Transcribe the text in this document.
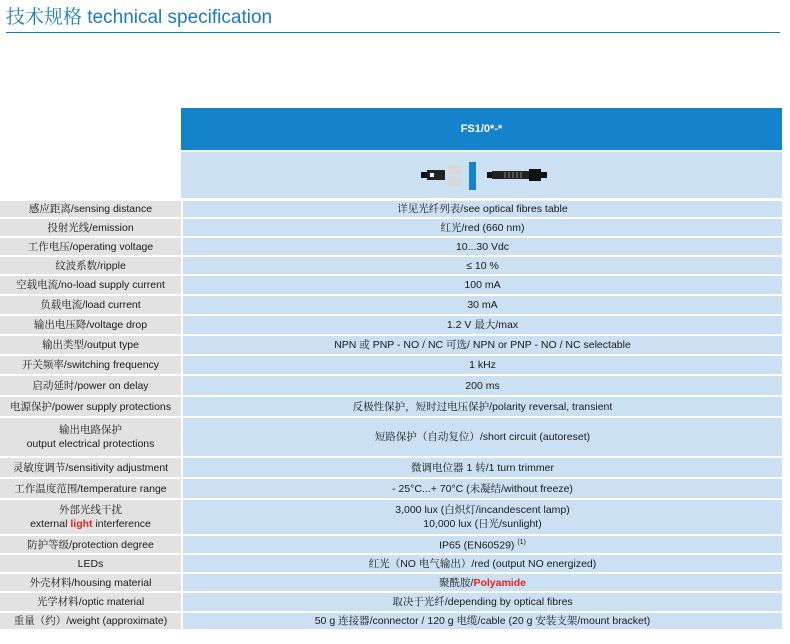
技术规格 technical specification
FS1/0*-*
感应距离/sensing distance	详见光纤列表/see optical fibres table
投射光线/emission	红光/red (660 nm)
工作电压/operating voltage	10...30 Vdc
纹波系数/ripple	≤ 10 %
空载电流/no-load supply current	100 mA
负载电流/load current	30 mA
输出电压降/voltage drop	1.2 V 最大/max
输出类型/output type	NPN 或 PNP - NO / NC 可选/ NPN or PNP - NO / NC selectable
开关频率/switching frequency	1 kHz
启动延时/power on delay	200 ms
电源保护/power supply protections	反极性保护，短时过电压保护/polarity reversal, transient
输出电路保护
output electrical protections	短路保护（自动复位）/short circuit (autoreset)
灵敏度调节/sensitivity adjustment	微调电位器 1 转/1 turn trimmer
工作温度范围/temperature range	- 25°C...+ 70°C (未凝结/without freeze)
外部光线干扰
external light interference	3,000 lux (白炽灯/incandescent lamp)
10,000 lux (日光/sunlight)
防护等级/protection degree	IP65 (EN60529) $^{(1)}$
LEDs	红光（NO 电气输出）/red (output NO energized)
外壳材料/housing material	聚酰胺/Polyamide
光学材料/optic material	取决于光纤/depending by optical fibres
重量（约）/weight (approximate)	50 g 连接器/connector / 120 g 电缆/cable (20 g 安装支架/mount bracket)
